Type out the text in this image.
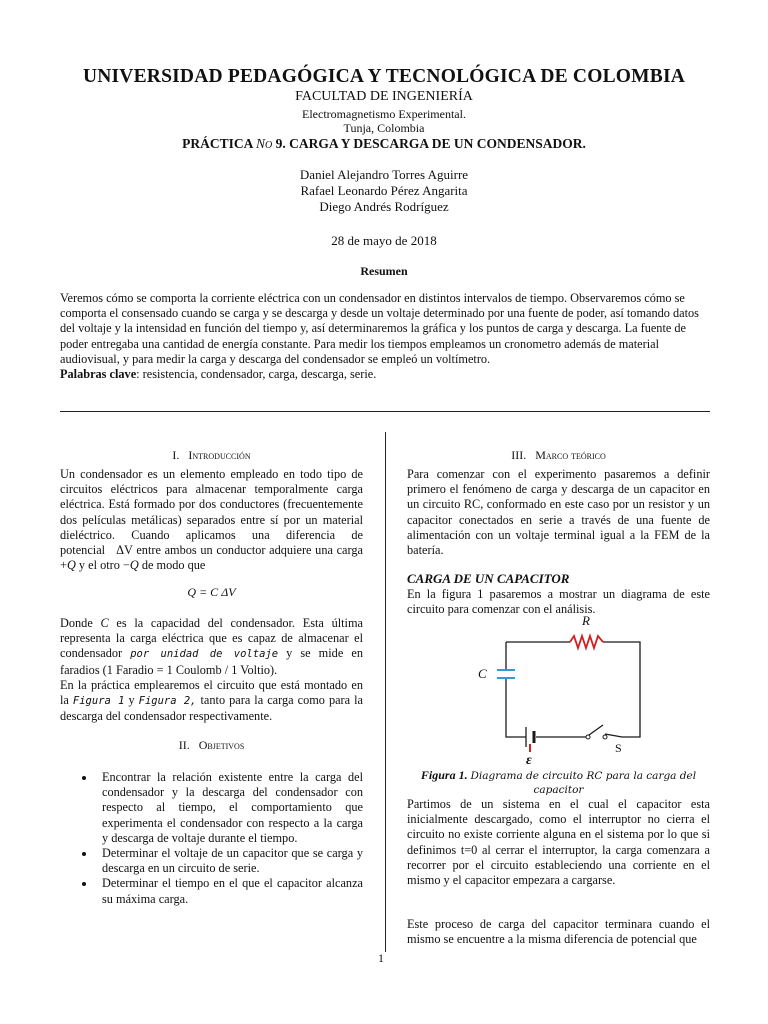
UNIVERSIDAD PEDAGÓGICA Y TECNOLÓGICA DE COLOMBIA
FACULTAD DE INGENIERÍA
Electromagnetismo Experimental.
Tunja, Colombia
PRÁCTICA NO 9. CARGA Y DESCARGA DE UN CONDENSADOR.
Daniel Alejandro Torres Aguirre
Rafael Leonardo Pérez Angarita
Diego Andrés Rodríguez
28 de mayo de 2018
Resumen
Veremos cómo se comporta la corriente eléctrica con un condensador en distintos intervalos de tiempo. Observaremos cómo se comporta el consensado cuando se carga y se descarga y desde un voltaje determinado por una fuente de poder, así tomando datos del voltaje y la intensidad en función del tiempo y, así determinaremos la gráfica y los puntos de carga y descarga. La fuente de poder entregaba una cantidad de energía constante. Para medir los tiempos empleamos un cronometro además de material audiovisual, y para medir la carga y descarga del condensador se empleó un voltímetro.
Palabras clave: resistencia, condensador, carga, descarga, serie.
I. Introducción
Un condensador es un elemento empleado en todo tipo de circuitos eléctricos para almacenar temporalmente carga eléctrica. Está formado por dos conductores (frecuentemente dos películas metálicas) separados entre sí por un material dieléctrico. Cuando aplicamos una diferencia de potencial ΔV entre ambos un conductor adquiere una carga +Q y el otro −Q de modo que
Q = C ΔV
Donde C es la capacidad del condensador. Esta última representa la carga eléctrica que es capaz de almacenar el condensador por unidad de voltaje y se mide en faradios (1 Faradio = 1 Coulomb / 1 Voltio).
En la práctica emplearemos el circuito que está montado en la Figura 1 y Figura 2, tanto para la carga como para la descarga del condensador respectivamente.
II. Objetivos
• Encontrar la relación existente entre la carga del condensador y la descarga del condensador con respecto al tiempo, el comportamiento que experimenta el condensador con respecto a la carga y descarga de voltaje durante el tiempo.
• Determinar el voltaje de un capacitor que se carga y descarga en un circuito de serie.
• Determinar el tiempo en el que el capacitor alcanza su máxima carga.
III. Marco teórico
Para comenzar con el experimento pasaremos a definir primero el fenómeno de carga y descarga de un capacitor en un circuito RC, conformado en este caso por un resistor y un capacitor conectados en serie a través de una fuente de alimentación con un voltaje terminal igual a la FEM de la batería.
CARGA DE UN CAPACITOR
En la figura 1 pasaremos a mostrar un diagrama de este circuito para comenzar con el análisis.
R
C
ε
S
Figura 1. Diagrama de circuito RC para la carga del capacitor
Partimos de un sistema en el cual el capacitor esta inicialmente descargado, como el interruptor no cierra el circuito no existe corriente alguna en el sistema por lo que si definimos t=0 al cerrar el interruptor, la carga comenzara a recorrer por el circuito estableciendo una corriente en el mismo y el capacitor empezara a cargarse.
Este proceso de carga del capacitor terminara cuando el mismo se encuentre a la misma diferencia de potencial que
1
